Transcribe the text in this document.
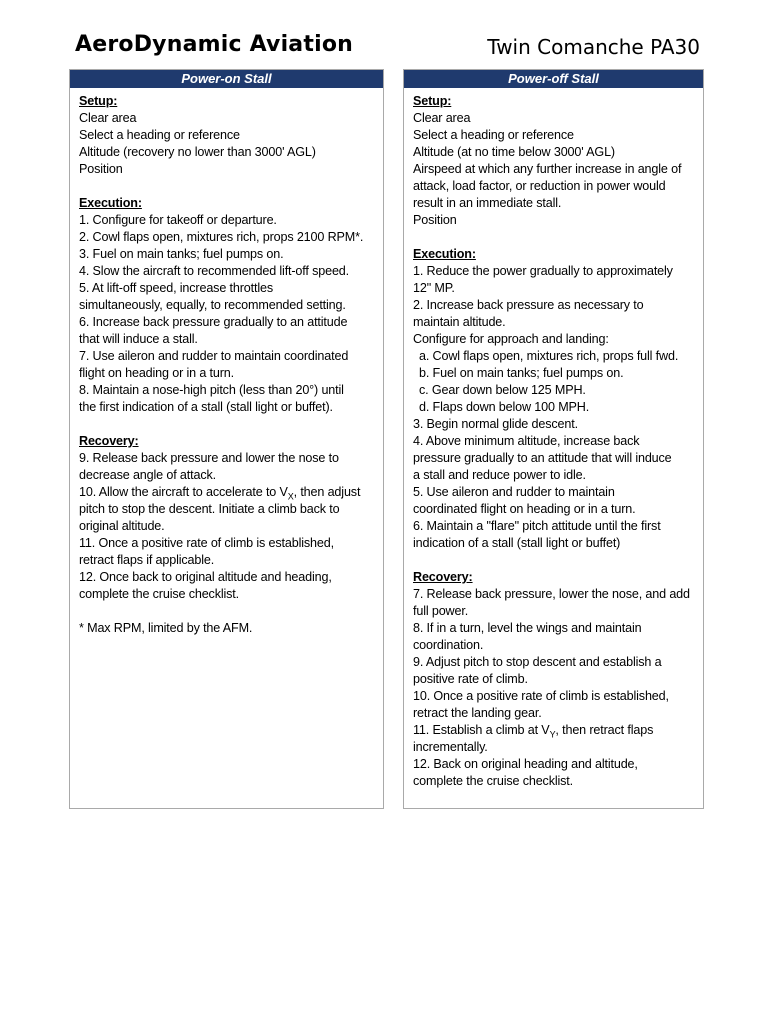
AeroDynamic Aviation	Twin Comanche PA30
Power-on Stall
Setup:
Clear area
Select a heading or reference
Altitude (recovery no lower than 3000' AGL)
Position
Execution:
1. Configure for takeoff or departure.
2. Cowl flaps open, mixtures rich, props 2100 RPM*.
3. Fuel on main tanks; fuel pumps on.
4. Slow the aircraft to recommended lift-off speed.
5. At lift-off speed, increase throttles
simultaneously, equally, to recommended setting.
6. Increase back pressure gradually to an attitude
that will induce a stall.
7. Use aileron and rudder to maintain coordinated
flight on heading or in a turn.
8. Maintain a nose-high pitch (less than 20°) until
the first indication of a stall (stall light or buffet).
Recovery:
9. Release back pressure and lower the nose to
decrease angle of attack.
10. Allow the aircraft to accelerate to $V_X$, then adjust
pitch to stop the descent. Initiate a climb back to
original altitude.
11. Once a positive rate of climb is established,
retract flaps if applicable.
12. Once back to original altitude and heading,
complete the cruise checklist.
* Max RPM, limited by the AFM.
Power-off Stall
Setup:
Clear area
Select a heading or reference
Altitude (at no time below 3000' AGL)
Airspeed at which any further increase in angle of
attack, load factor, or reduction in power would
result in an immediate stall.
Position
Execution:
1. Reduce the power gradually to approximately
12" MP.
2. Increase back pressure as necessary to
maintain altitude.
Configure for approach and landing:
a. Cowl flaps open, mixtures rich, props full fwd.
b. Fuel on main tanks; fuel pumps on.
c. Gear down below 125 MPH.
d. Flaps down below 100 MPH.
3. Begin normal glide descent.
4. Above minimum altitude, increase back
pressure gradually to an attitude that will induce
a stall and reduce power to idle.
5. Use aileron and rudder to maintain
coordinated flight on heading or in a turn.
6. Maintain a "flare" pitch attitude until the first
indication of a stall (stall light or buffet)
Recovery:
7. Release back pressure, lower the nose, and add
full power.
8. If in a turn, level the wings and maintain
coordination.
9. Adjust pitch to stop descent and establish a
positive rate of climb.
10. Once a positive rate of climb is established,
retract the landing gear.
11. Establish a climb at $V_Y$, then retract flaps
incrementally.
12. Back on original heading and altitude,
complete the cruise checklist.
